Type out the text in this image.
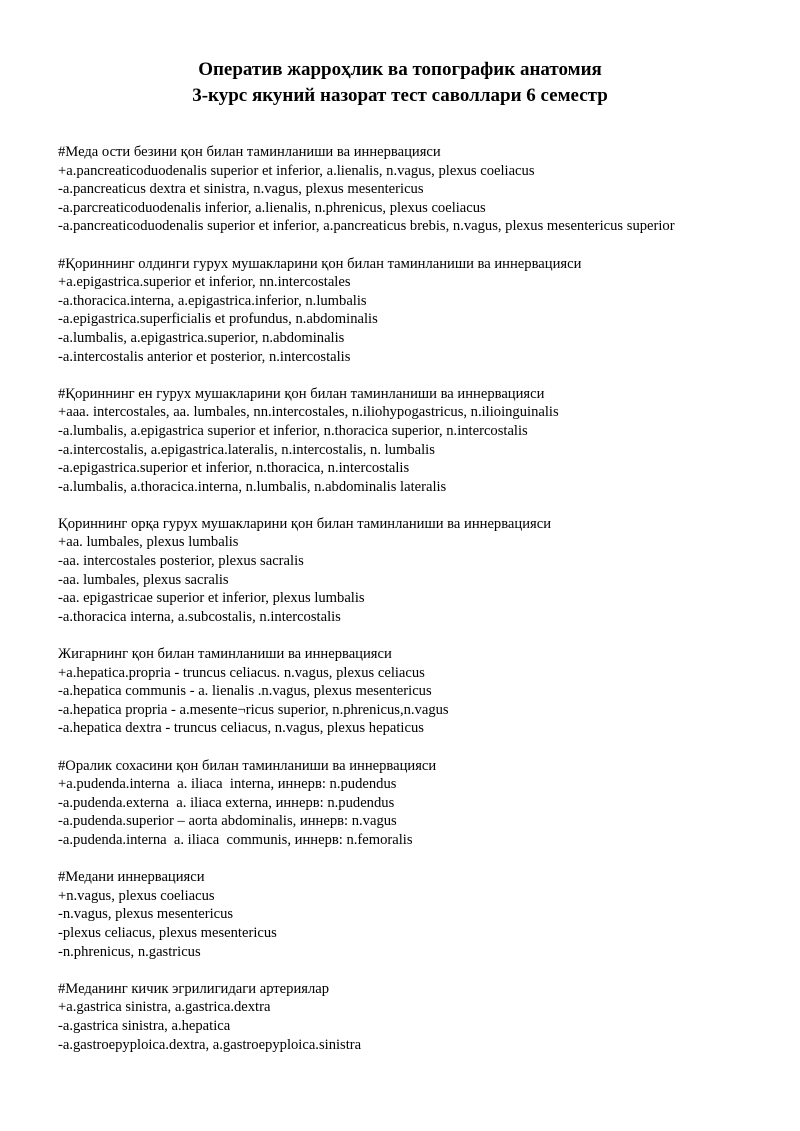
Оператив жарроҳлик ва топографик анатомия
3-курс якуний назорат тест саволлари 6 семестр
#Меда ости безини қон билан таминланиши ва иннервацияси
+a.pancreaticoduodenalis superior et inferior, a.lienalis, n.vagus, plexus coeliacus
-a.pancreaticus dextra et sinistra, n.vagus, plexus mesentericus
-a.parcreaticoduodenalis inferior, a.lienalis, n.phrenicus, plexus coeliacus
-a.pancreaticoduodenalis superior et inferior, a.pancreaticus brebis, n.vagus, plexus mesentericus superior
#Қориннинг олдинги гурух мушакларини қон билан таминланиши ва иннервацияси
+a.epigastrica.superior et inferior, nn.intercostales
-a.thoracica.interna, a.epigastrica.inferior, n.lumbalis
-a.epigastrica.superficialis et profundus, n.abdominalis
-a.lumbalis, a.epigastrica.superior, n.abdominalis
-a.intercostalis anterior et posterior, n.intercostalis
#Қориннинг ен гурух мушакларини қон билан таминланиши ва иннервацияси
+aaa. intercostales, aa. lumbales, nn.intercostales, n.iliohypogastricus, n.ilioinguinalis
-a.lumbalis, a.epigastrica superior et inferior, n.thoracica superior, n.intercostalis
-a.intercostalis, a.epigastrica.lateralis, n.intercostalis, n. lumbalis
-a.epigastrica.superior et inferior, n.thoracica, n.intercostalis
-a.lumbalis, a.thoracica.interna, n.lumbalis, n.abdominalis lateralis
Қориннинг орқа гурух мушакларини қон билан таминланиши ва иннервацияси
+aa. lumbales, plexus lumbalis
-aa. intercostales posterior, plexus sacralis
-aa. lumbales, plexus sacralis
-aa. epigastricae superior et inferior, plexus lumbalis
-a.thoracica interna, a.subcostalis, n.intercostalis
Жигарнинг қон билан таминланиши ва иннервацияси
+a.hepatica.propria - truncus celiacus. n.vagus, plexus celiacus
-a.hepatica communis - a. lienalis .n.vagus, plexus mesentericus
-a.hepatica propria - a.mesente¬ricus superior, n.phrenicus,n.vagus
-a.hepatica dextra - truncus celiacus, n.vagus, plexus hepaticus
#Оралик сохасини қон билан таминланиши ва иннервацияси
+a.pudenda.interna  a. iliaca  interna, иннерв: n.pudendus
-a.pudenda.externa  a. iliaca externa, иннерв: n.pudendus
-a.pudenda.superior – aorta abdominalis, иннерв: n.vagus
-a.pudenda.interna  a. iliaca  communis, иннерв: n.femoralis
#Медани иннервацияси
+n.vagus, plexus coeliacus
-n.vagus, plexus mesentericus
-plexus celiacus, plexus mesentericus
-n.phrenicus, n.gastricus
#Меданинг кичик эгрилигидаги артериялар
+a.gastrica sinistra, a.gastrica.dextra
-a.gastrica sinistra, a.hepatica
-a.gastroepyploica.dextra, a.gastroepyploica.sinistra
